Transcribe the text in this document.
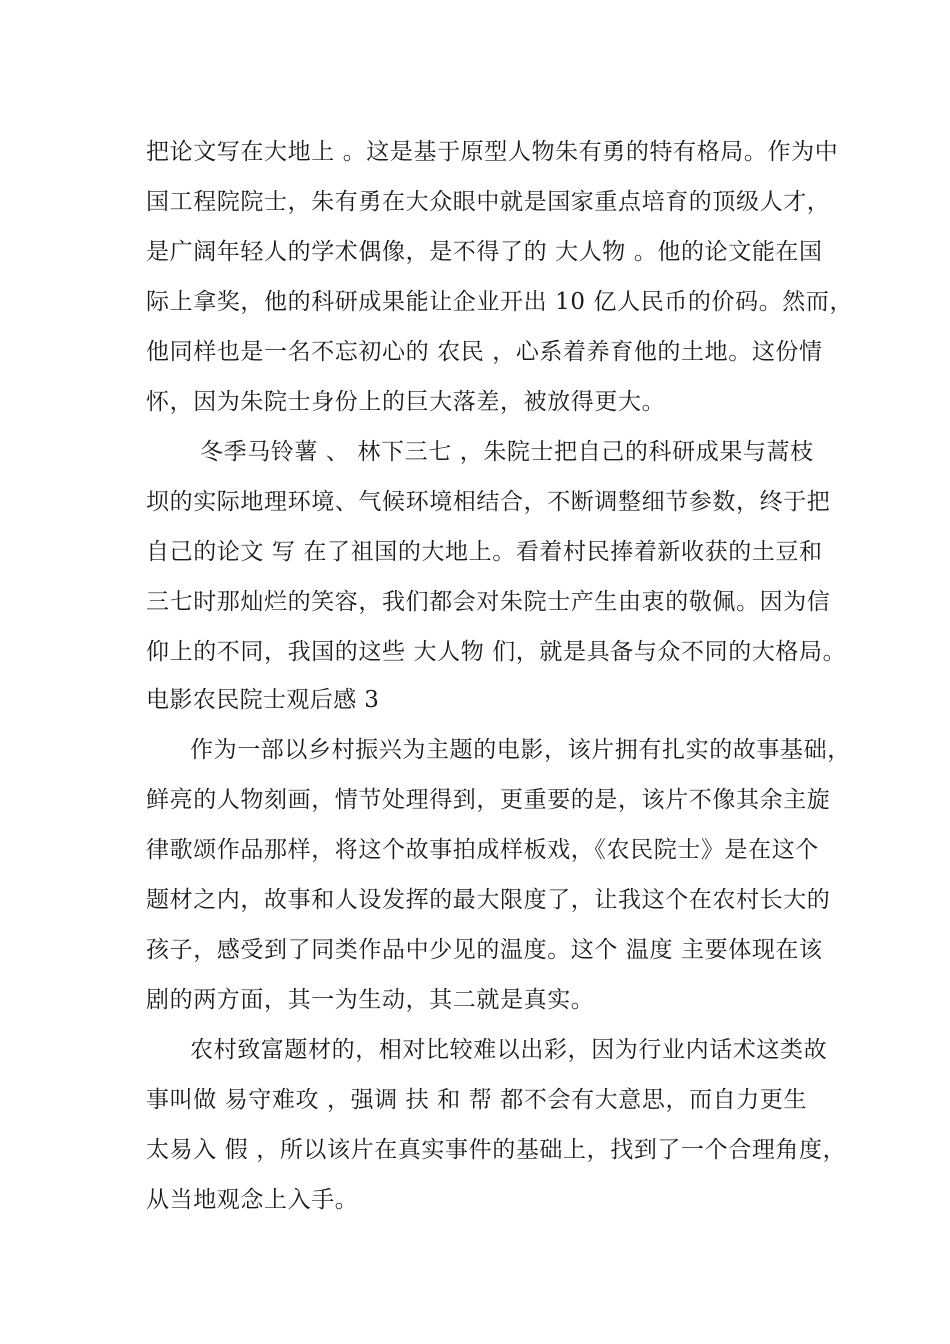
把论文写在大地上 。这是基于原型人物朱有勇的特有格局。作为中
国工程院院士，朱有勇在大众眼中就是国家重点培育的顶级人才，
是广阔年轻人的学术偶像，是不得了的 大人物 。他的论文能在国
际上拿奖，他的科研成果能让企业开出 10 亿人民币的价码。然而，
他同样也是一名不忘初心的 农民 ，心系着养育他的土地。这份情
怀，因为朱院士身份上的巨大落差，被放得更大。
冬季马铃薯 、 林下三七 ，朱院士把自己的科研成果与蒿枝
坝的实际地理环境、气候环境相结合，不断调整细节参数，终于把
自己的论文 写 在了祖国的大地上。看着村民捧着新收获的土豆和
三七时那灿烂的笑容，我们都会对朱院士产生由衷的敬佩。因为信
仰上的不同，我国的这些 大人物 们，就是具备与众不同的大格局。
电影农民院士观后感 3
作为一部以乡村振兴为主题的电影，该片拥有扎实的故事基础，
鲜亮的人物刻画，情节处理得到，更重要的是，该片不像其余主旋
律歌颂作品那样，将这个故事拍成样板戏，《农民院士》是在这个
题材之内，故事和人设发挥的最大限度了，让我这个在农村长大的
孩子，感受到了同类作品中少见的温度。这个 温度 主要体现在该
剧的两方面，其一为生动，其二就是真实。
农村致富题材的，相对比较难以出彩，因为行业内话术这类故
事叫做 易守难攻 ，强调 扶 和 帮 都不会有大意思，而自力更生
太易入 假 ，所以该片在真实事件的基础上，找到了一个合理角度，
从当地观念上入手。
